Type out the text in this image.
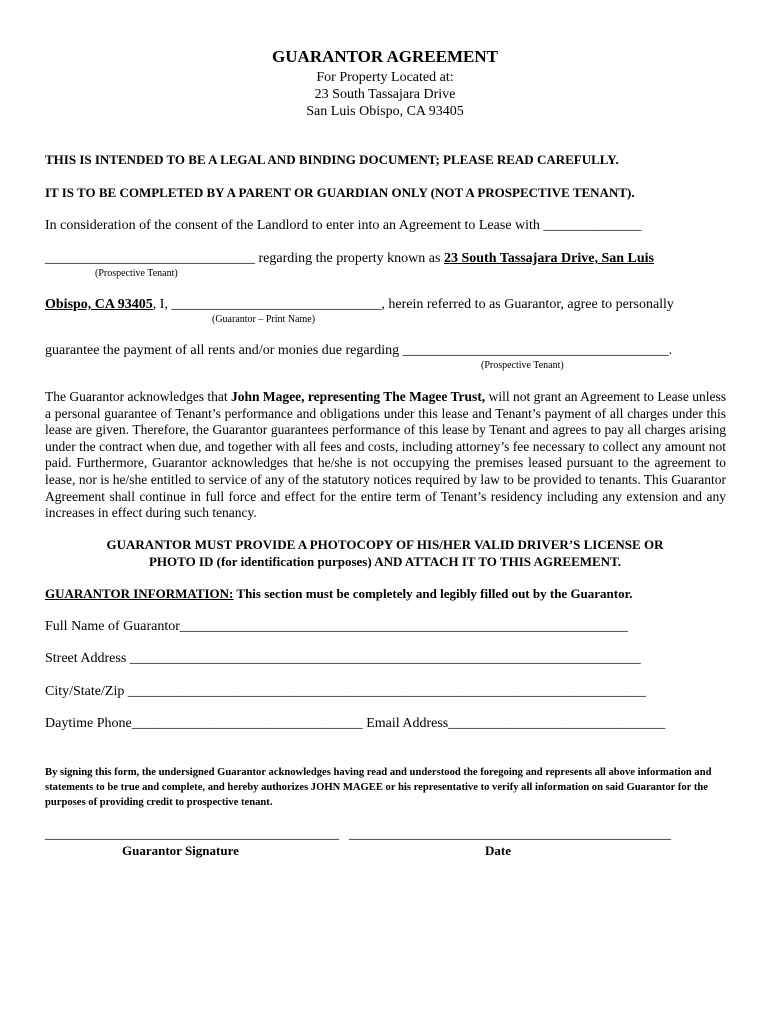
GUARANTOR AGREEMENT
For Property Located at:
23 South Tassajara Drive
San Luis Obispo, CA 93405
THIS IS INTENDED TO BE A LEGAL AND BINDING DOCUMENT; PLEASE READ CAREFULLY.
IT IS TO BE COMPLETED BY A PARENT OR GUARDIAN ONLY (NOT A PROSPECTIVE TENANT).
In consideration of the consent of the Landlord to enter into an Agreement to Lease with ______________
______________________________ regarding the property known as 23 South Tassajara Drive, San Luis
(Prospective Tenant)
Obispo, CA 93405, I, ______________________________, herein referred to as Guarantor, agree to personally
(Guarantor – Print Name)
guarantee the payment of all rents and/or monies due regarding ______________________________________.
(Prospective Tenant)
The Guarantor acknowledges that John Magee, representing The Magee Trust, will not grant an Agreement to Lease unless a personal guarantee of Tenant’s performance and obligations under this lease and Tenant’s payment of all charges under this lease are given. Therefore, the Guarantor guarantees performance of this lease by Tenant and agrees to pay all charges arising under the contract when due, and together with all fees and costs, including attorney’s fee necessary to collect any amount not paid. Furthermore, Guarantor acknowledges that he/she is not occupying the premises leased pursuant to the agreement to lease, nor is he/she entitled to service of any of the statutory notices required by law to be provided to tenants. This Guarantor Agreement shall continue in full force and effect for the entire term of Tenant’s residency including any extension and any increases in effect during such tenancy.
GUARANTOR MUST PROVIDE A PHOTOCOPY OF HIS/HER VALID DRIVER’S LICENSE OR
PHOTO ID (for identification purposes) AND ATTACH IT TO THIS AGREEMENT.
GUARANTOR INFORMATION: This section must be completely and legibly filled out by the Guarantor.
Full Name of Guarantor________________________________________________________________
Street Address _________________________________________________________________________
City/State/Zip __________________________________________________________________________
Daytime Phone_________________________________ Email Address_______________________________
By signing this form, the undersigned Guarantor acknowledges having read and understood the foregoing and represents all above information and statements to be true and complete, and hereby authorizes JOHN MAGEE or his representative to verify all information on said Guarantor for the purposes of providing credit to prospective tenant.
__________________________________________ ______________________________________________
Guarantor Signature	Date
